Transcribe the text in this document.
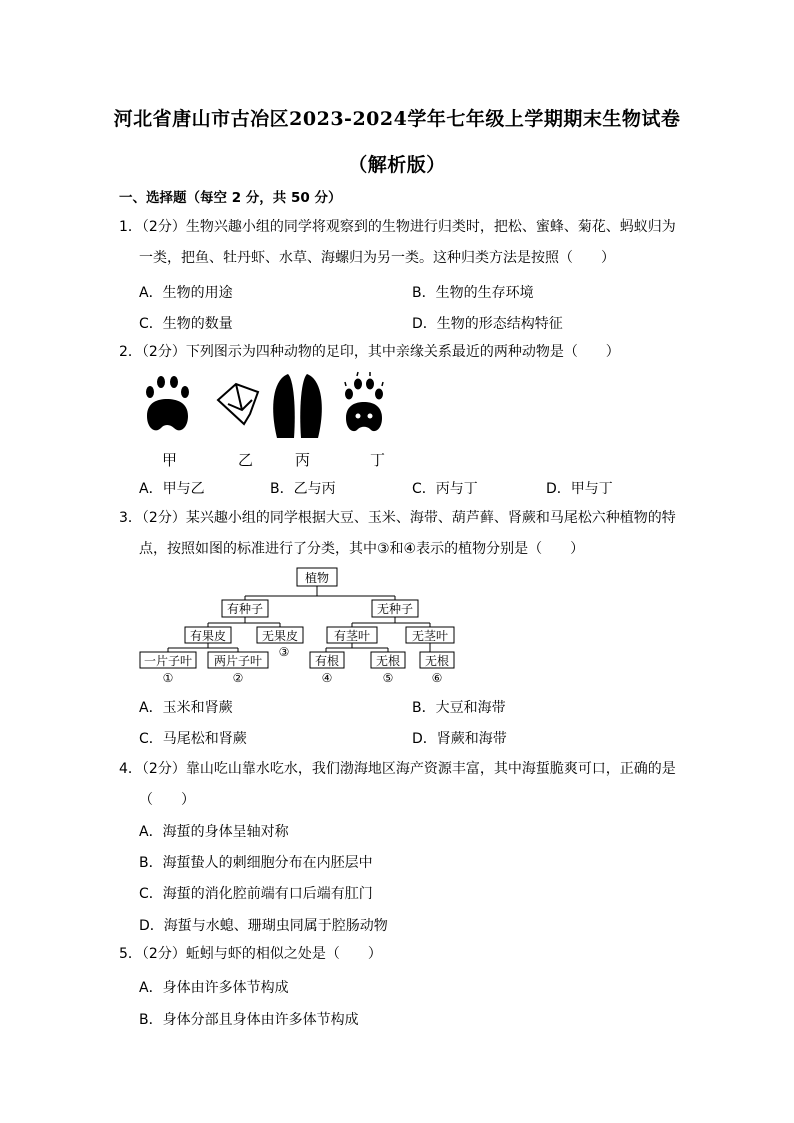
河北省唐山市古冶区2023-2024学年七年级上学期期末生物试卷
（解析版）
一、选择题（每空 2 分，共 50 分）
1．（2分）生物兴趣小组的同学将观察到的生物进行归类时，把松、蜜蜂、菊花、蚂蚁归为
一类，把鱼、牡丹虾、水草、海螺归为另一类。这种归类方法是按照（　　）
A．生物的用途	B．生物的生存环境
C．生物的数量	D．生物的形态结构特征
2．（2分）下列图示为四种动物的足印，其中亲缘关系最近的两种动物是（　　）
甲	乙	丙	丁
A．甲与乙	B．乙与丙	C．丙与丁	D．甲与丁
3．（2分）某兴趣小组的同学根据大豆、玉米、海带、葫芦藓、肾蕨和马尾松六种植物的特
点，按照如图的标准进行了分类，其中③和④表示的植物分别是（　　）
植物
有种子	无种子
有果皮	无果皮	有茎叶	无茎叶
一片子叶 两片子叶	有根	无根 无根
①	②
③
④	⑤	⑥
A．玉米和肾蕨	B．大豆和海带
C．马尾松和肾蕨	D．肾蕨和海带
4．（2分）靠山吃山靠水吃水，我们渤海地区海产资源丰富，其中海蜇脆爽可口，正确的是
（　　）
A．海蜇的身体呈轴对称
B．海蜇蛰人的刺细胞分布在内胚层中
C．海蜇的消化腔前端有口后端有肛门
D．海蜇与水螅、珊瑚虫同属于腔肠动物
5．（2分）蚯蚓与虾的相似之处是（　　）
A．身体由许多体节构成
B．身体分部且身体由许多体节构成
